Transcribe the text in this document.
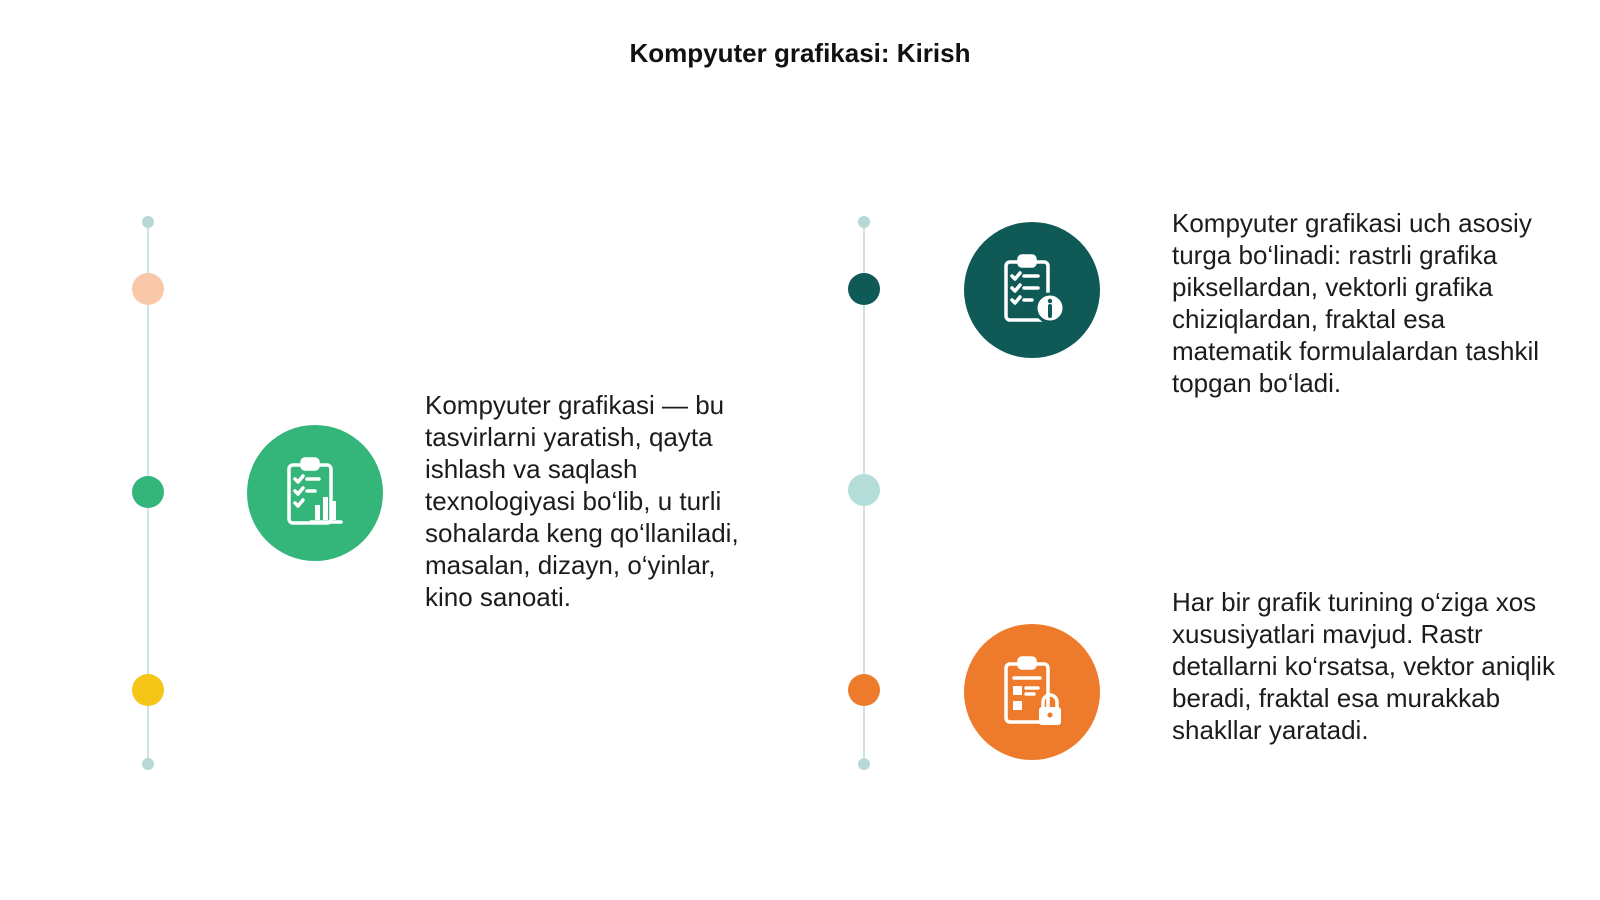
Kompyuter grafikasi: Kirish
Kompyuter grafikasi — bu tasvirlarni yaratish, qayta ishlash va saqlash texnologiyasi bo‘lib, u turli sohalarda keng qo‘llaniladi, masalan, dizayn, o‘yinlar, kino sanoati.
Kompyuter grafikasi uch asosiy turga bo‘linadi: rastrli grafika piksellardan, vektorli grafika chiziqlardan, fraktal esa matematik formulalardan tashkil topgan bo‘ladi.
Har bir grafik turining o‘ziga xos xususiyatlari mavjud. Rastr detallarni ko‘rsatsa, vektor aniqlik beradi, fraktal esa murakkab shakllar yaratadi.
